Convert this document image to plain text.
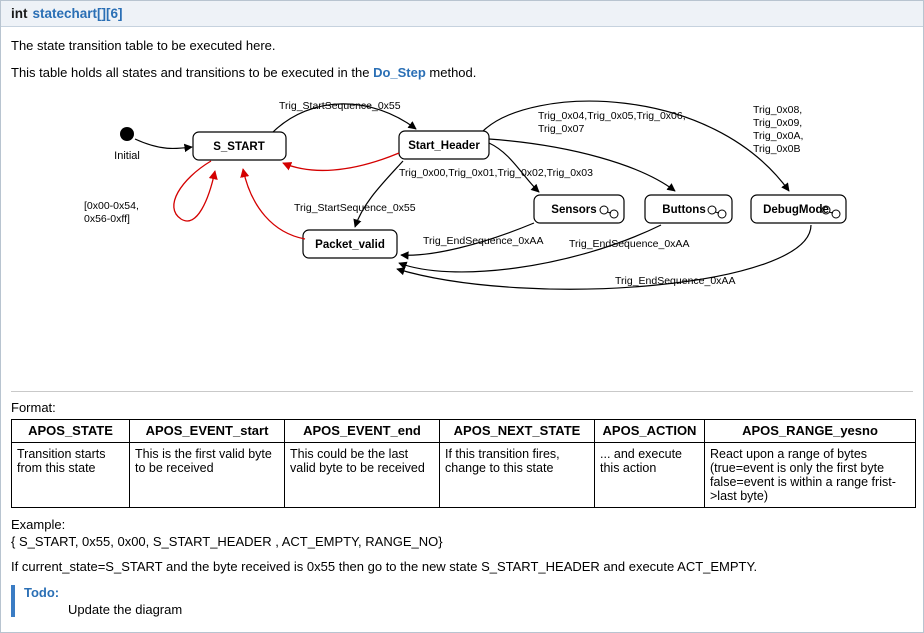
int statechart[][6]

The state transition table to be executed here.

This table holds all states and transitions to be executed in the Do_Step method.

Initial
S_START	Start_Header
Packet_valid
Sensors	Buttons	DebugMode
Trig_StartSequence_0x55
[0x00-0x54,
0x56-0xff]
Trig_StartSequence_0x55
Trig_0x04,Trig_0x05,Trig_0x06,
Trig_0x07
Trig_0x00,Trig_0x01,Trig_0x02,Trig_0x03
Trig_0x08,
Trig_0x09,
Trig_0x0A,
Trig_0x0B
Trig_EndSequence_0xAA Trig_EndSequence_0xAA
Trig_EndSequence_0xAA
Format:
APOS_STATE	APOS_EVENT_start	APOS_EVENT_end	APOS_NEXT_STATE	APOS_ACTION	APOS_RANGE_yesno
Transition starts from this state	This is the first valid byte to be received	This could be the last valid byte to be received	If this transition fires, change to this state	... and execute this action	React upon a range of bytes (true=event is only the first byte false=event is within a range frist->last byte)
Example:
{ S_START, 0x55, 0x00, S_START_HEADER , ACT_EMPTY, RANGE_NO}
If current_state=S_START and the byte received is 0x55 then go to the new state S_START_HEADER and execute ACT_EMPTY.
Todo:
Update the diagram
